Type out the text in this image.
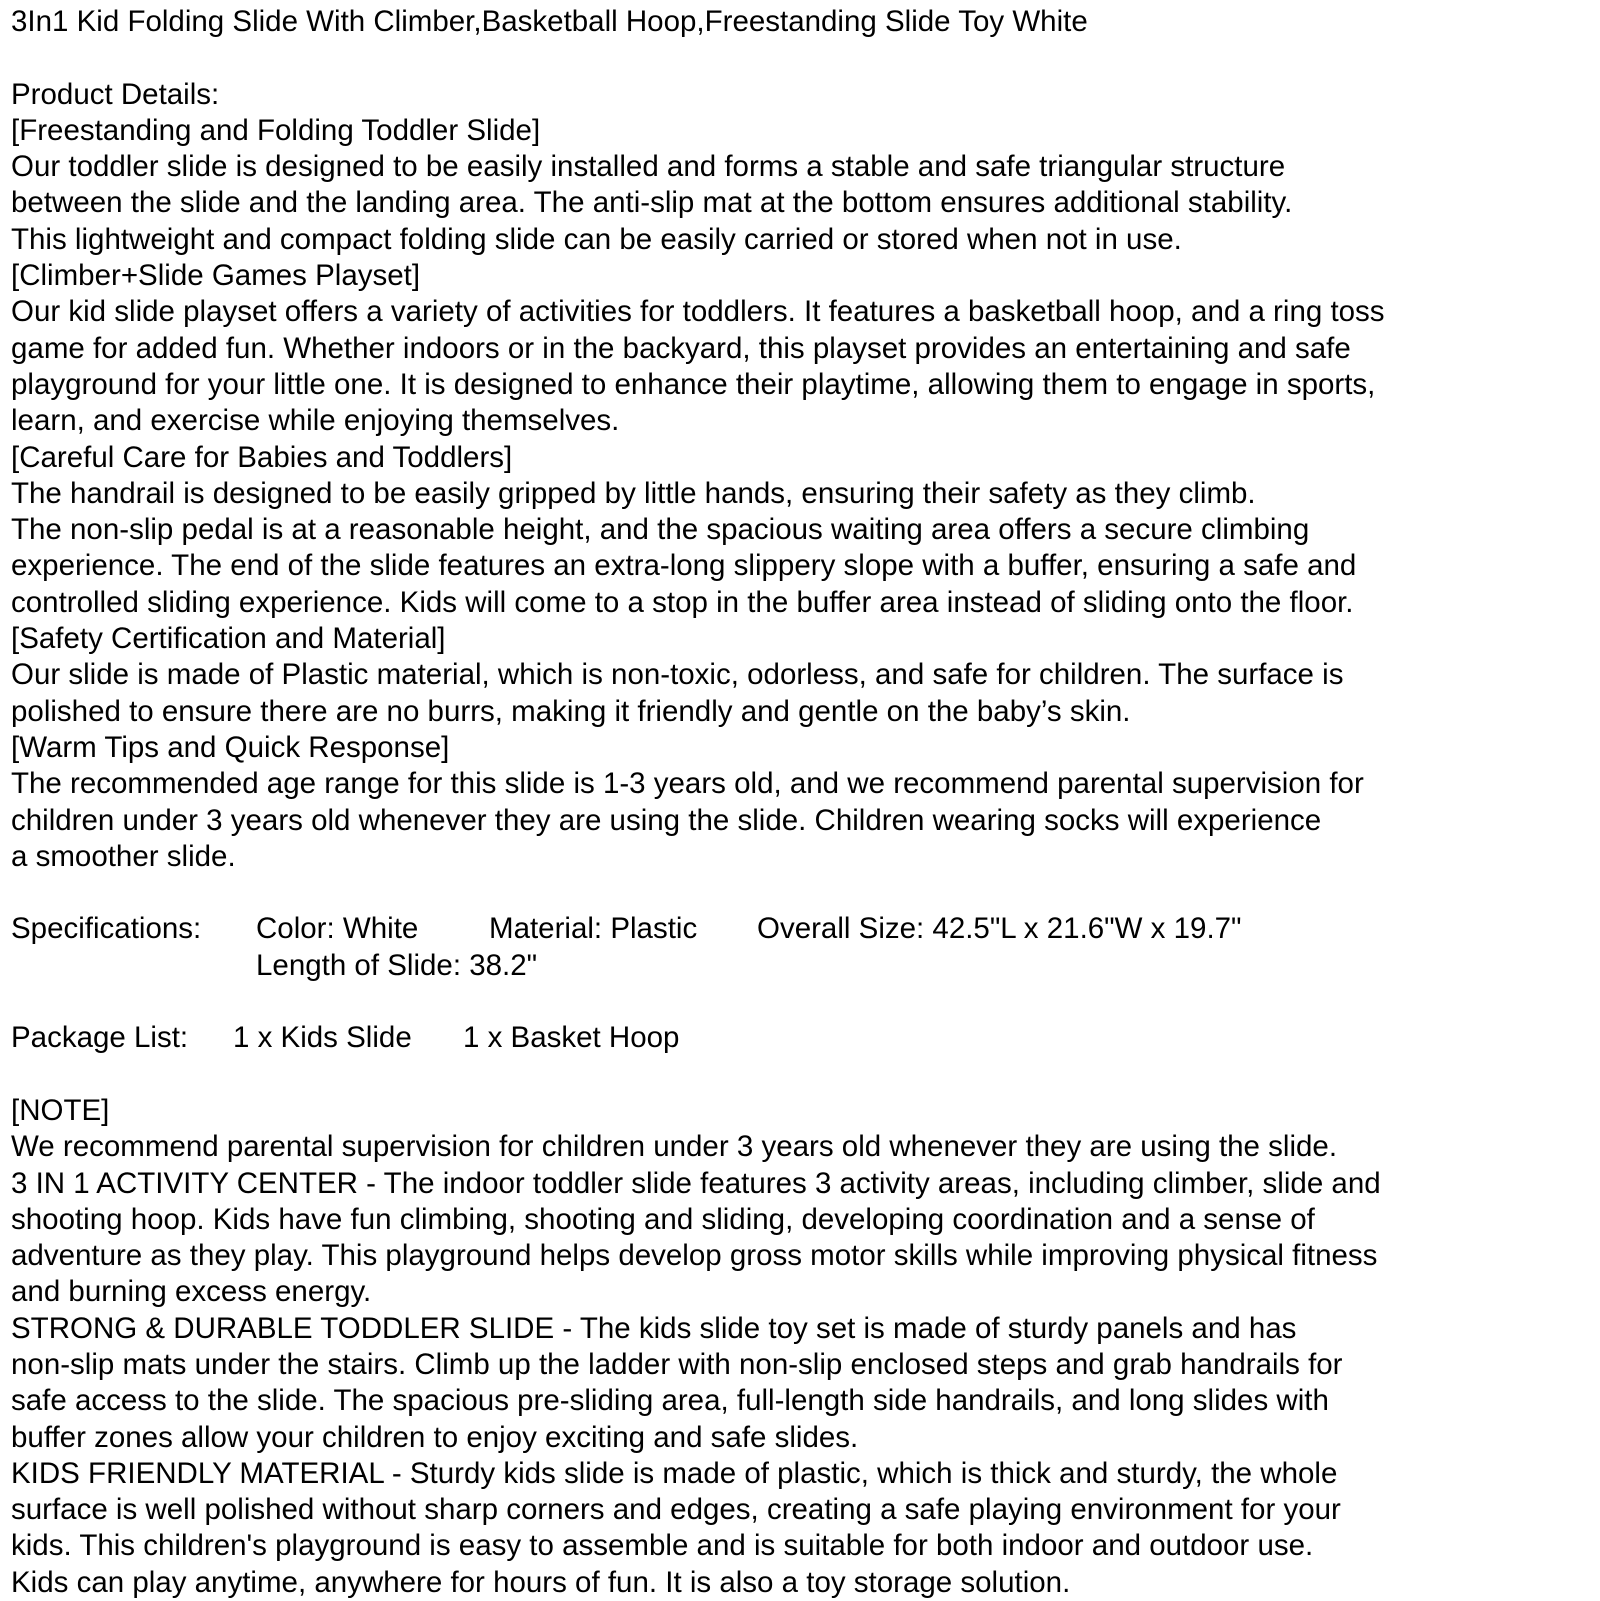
3In1 Kid Folding Slide With Climber,Basketball Hoop,Freestanding Slide Toy White
Product Details:
[Freestanding and Folding Toddler Slide]
Our toddler slide is designed to be easily installed and forms a stable and safe triangular structure
between the slide and the landing area. The anti-slip mat at the bottom ensures additional stability.
This lightweight and compact folding slide can be easily carried or stored when not in use.
[Climber+Slide Games Playset]
Our kid slide playset offers a variety of activities for toddlers. It features a basketball hoop, and a ring toss
game for added fun. Whether indoors or in the backyard, this playset provides an entertaining and safe
playground for your little one. It is designed to enhance their playtime, allowing them to engage in sports,
learn, and exercise while enjoying themselves.
[Careful Care for Babies and Toddlers]
The handrail is designed to be easily gripped by little hands, ensuring their safety as they climb.
The non-slip pedal is at a reasonable height, and the spacious waiting area offers a secure climbing
experience. The end of the slide features an extra-long slippery slope with a buffer, ensuring a safe and
controlled sliding experience. Kids will come to a stop in the buffer area instead of sliding onto the floor.
[Safety Certification and Material]
Our slide is made of Plastic material, which is non-toxic, odorless, and safe for children. The surface is
polished to ensure there are no burrs, making it friendly and gentle on the baby’s skin.
[Warm Tips and Quick Response]
The recommended age range for this slide is 1-3 years old, and we recommend parental supervision for
children under 3 years old whenever they are using the slide. Children wearing socks will experience
a smoother slide.
Specifications: Color: White Material: Plastic Overall Size: 42.5"L x 21.6"W x 19.7"
Length of Slide: 38.2"
Package List: 1 x Kids Slide 1 x Basket Hoop
[NOTE]
We recommend parental supervision for children under 3 years old whenever they are using the slide.
3 IN 1 ACTIVITY CENTER - The indoor toddler slide features 3 activity areas, including climber, slide and
shooting hoop. Kids have fun climbing, shooting and sliding, developing coordination and a sense of
adventure as they play. This playground helps develop gross motor skills while improving physical fitness
and burning excess energy.
STRONG & DURABLE TODDLER SLIDE - The kids slide toy set is made of sturdy panels and has
non-slip mats under the stairs. Climb up the ladder with non-slip enclosed steps and grab handrails for
safe access to the slide. The spacious pre-sliding area, full-length side handrails, and long slides with
buffer zones allow your children to enjoy exciting and safe slides.
KIDS FRIENDLY MATERIAL - Sturdy kids slide is made of plastic, which is thick and sturdy, the whole
surface is well polished without sharp corners and edges, creating a safe playing environment for your
kids. This children's playground is easy to assemble and is suitable for both indoor and outdoor use.
Kids can play anytime, anywhere for hours of fun. It is also a toy storage solution.
